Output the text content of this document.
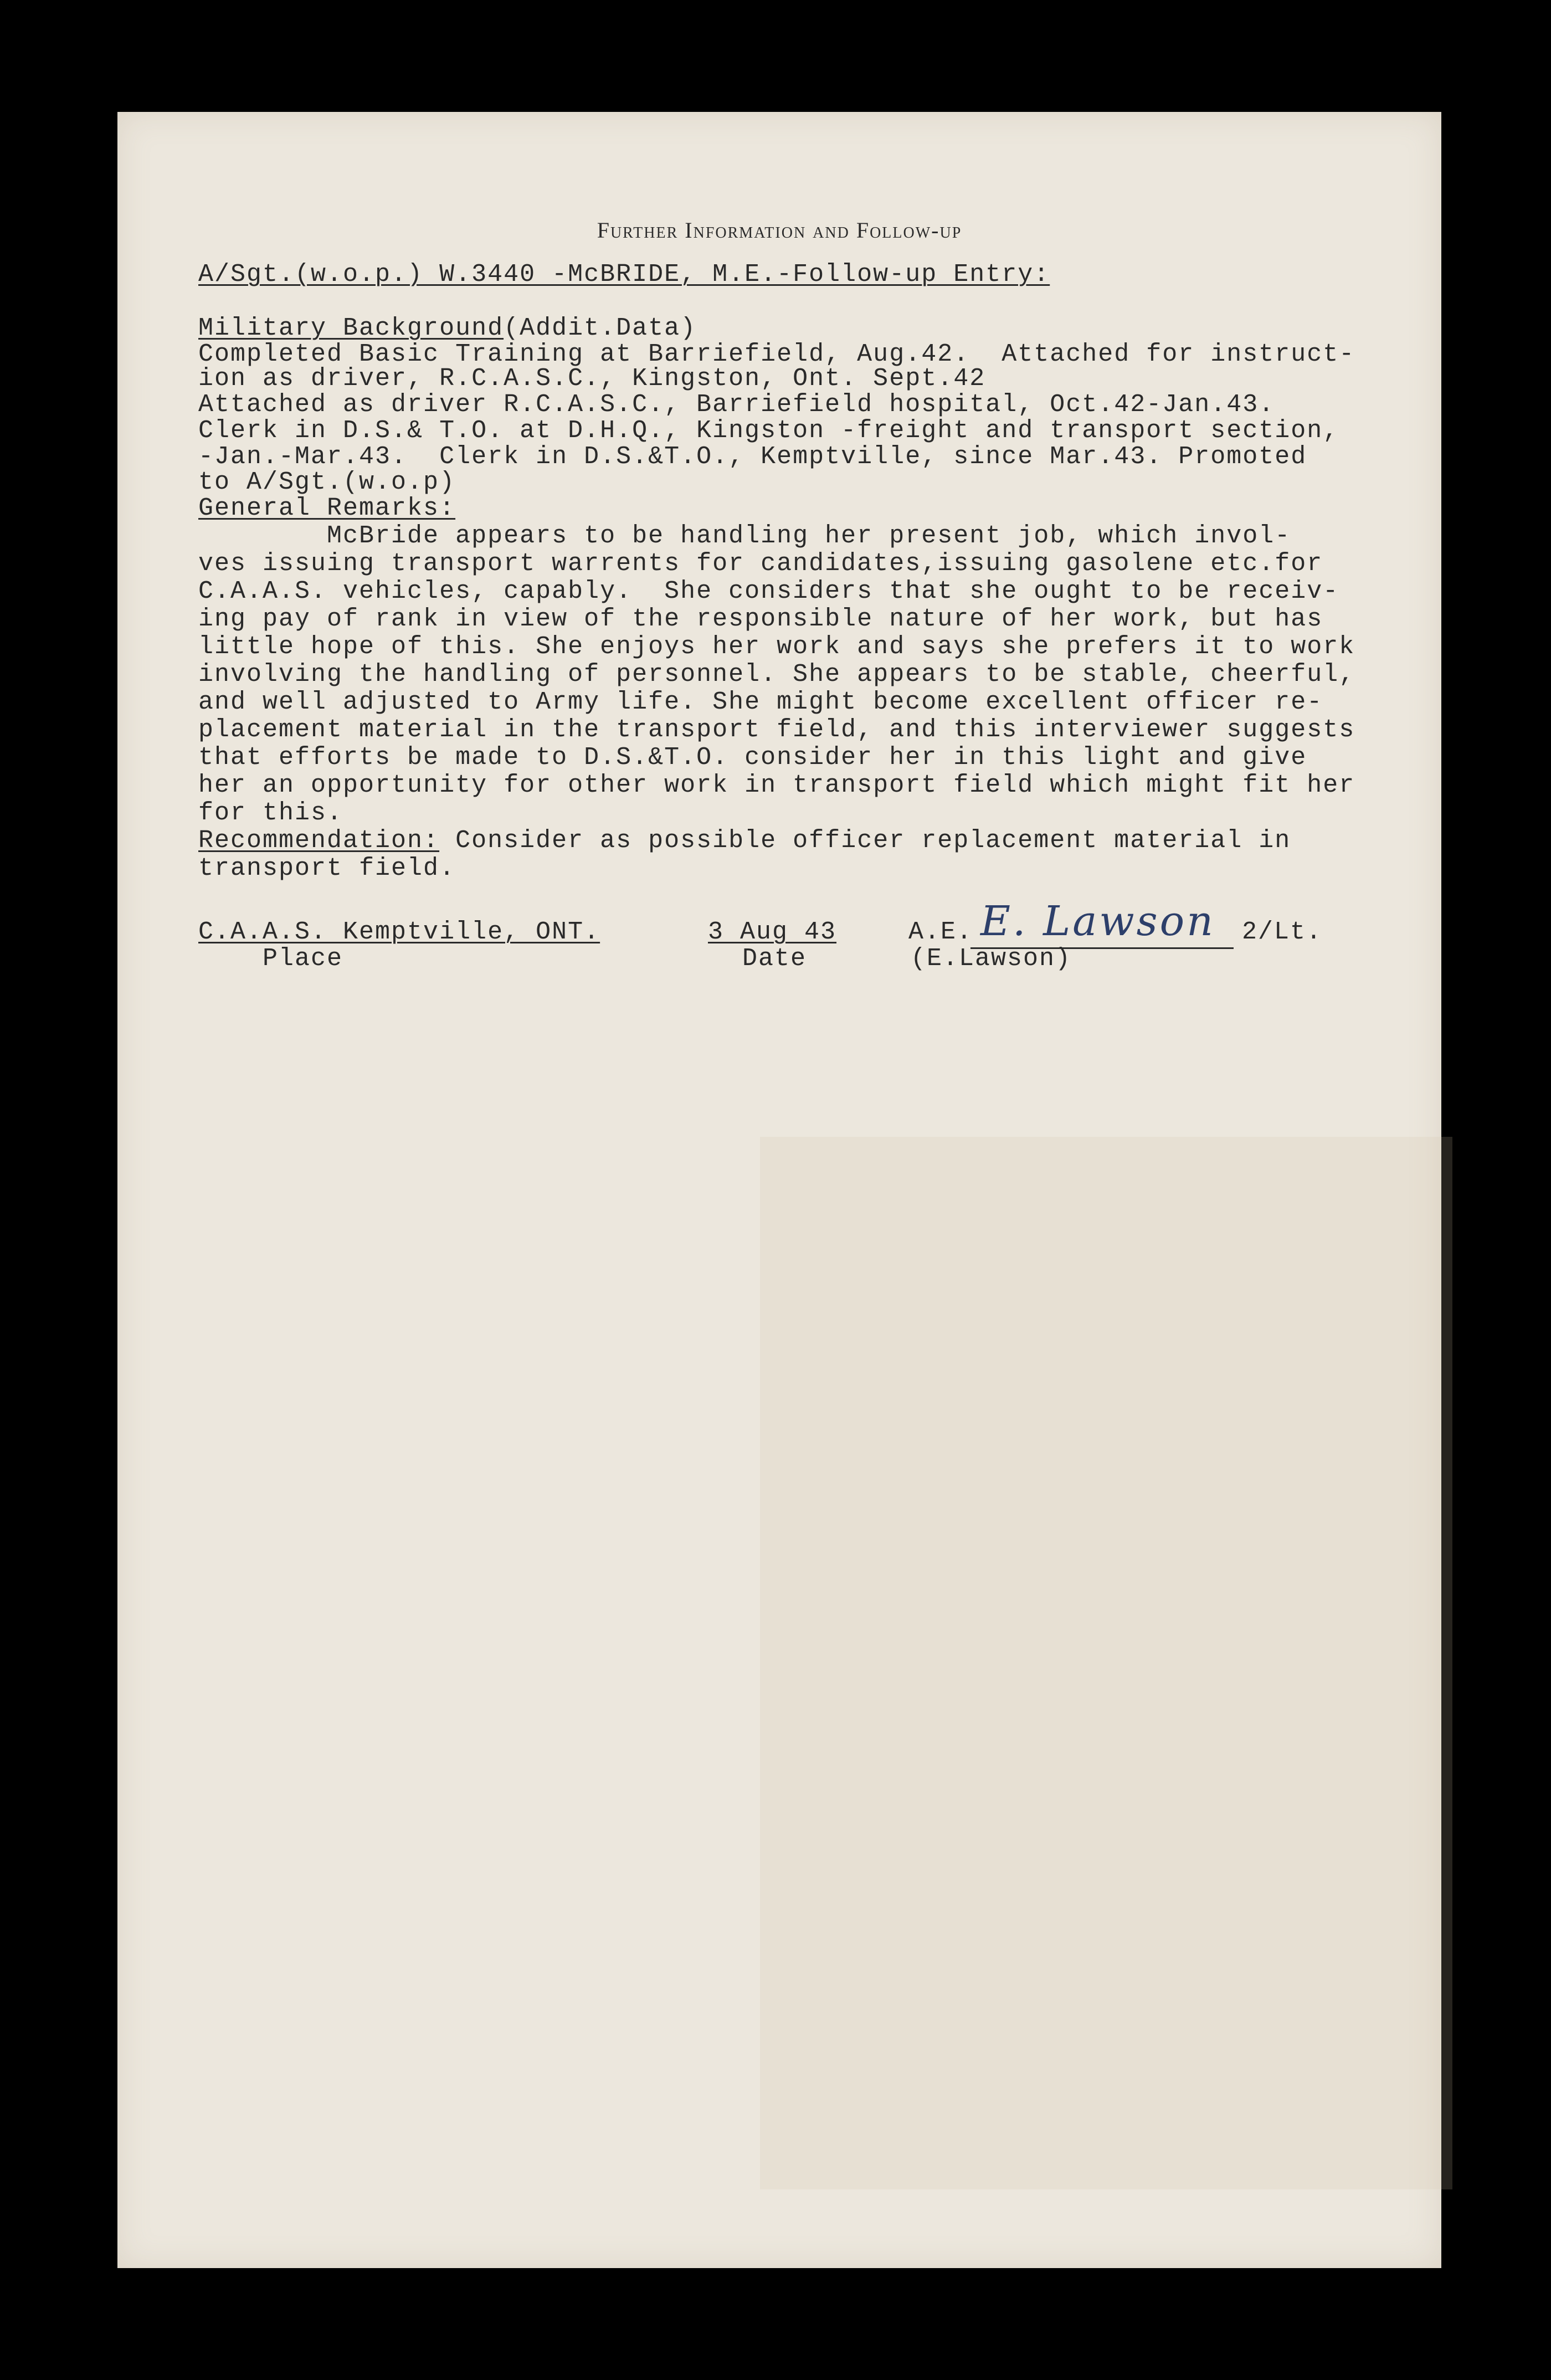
Further Information and Follow-up
A/Sgt.(w.o.p.) W.3440 -McBRIDE, M.E.-Follow-up Entry:
Military Background(Addit.Data)
Completed Basic Training at Barriefield, Aug.42.  Attached for instruct-
ion as driver, R.C.A.S.C., Kingston, Ont. Sept.42
Attached as driver R.C.A.S.C., Barriefield hospital, Oct.42-Jan.43.
Clerk in D.S.& T.O. at D.H.Q., Kingston -freight and transport section,
-Jan.-Mar.43.  Clerk in D.S.&T.O., Kemptville, since Mar.43. Promoted
to A/Sgt.(w.o.p)
General Remarks:
McBride appears to be handling her present job, which invol-
ves issuing transport warrents for candidates,issuing gasolene etc.for
C.A.A.S. vehicles, capably.  She considers that she ought to be receiv-
ing pay of rank in view of the responsible nature of her work, but has
little hope of this. She enjoys her work and says she prefers it to work
involving the handling of personnel. She appears to be stable, cheerful,
and well adjusted to Army life. She might become excellent officer re-
placement material in the transport field, and this interviewer suggests
that efforts be made to D.S.&T.O. consider her in this light and give
her an opportunity for other work in transport field which might fit her
for this.
Recommendation: Consider as possible officer replacement material in
transport field.
C.A.A.S. Kemptville, ONT.
Place
3 Aug 43
Date
A.E. E. Lawson 2/Lt.
(E.Lawson)
